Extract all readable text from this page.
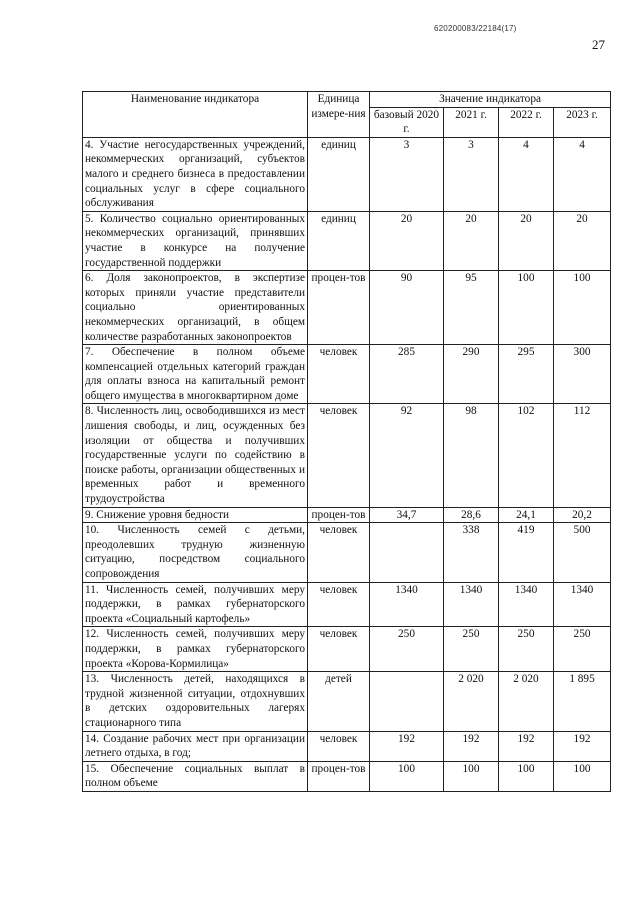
620200083/22184(17)
27
Наименование индикатора	Единица измере-ния	Значение индикатора			
		базовый 2020 г.	2021 г.	2022 г.	2023 г.
4. Участие негосударственных учреждений, некоммерческих организаций, субъектов малого и среднего бизнеса в предоставлении социальных услуг в сфере социального обслуживания	единиц	3	3	4	4
5. Количество социально ориентированных некоммерческих организаций, принявших участие в конкурсе на получение государственной поддержки	единиц	20	20	20	20
6. Доля законопроектов, в экспертизе которых приняли участие представители социально ориентированных некоммерческих организаций, в общем количестве разработанных законопроектов	процен-тов	90	95	100	100
7. Обеспечение в полном объеме компенсацией отдельных категорий граждан для оплаты взноса на капитальный ремонт общего имущества в многоквартирном доме	человек	285	290	295	300
8. Численность лиц, освободившихся из мест лишения свободы, и лиц, осужденных без изоляции от общества и получивших государственные услуги по содействию в поиске работы, организации общественных и временных работ и временного трудоустройства	человек	92	98	102	112
9. Снижение уровня бедности	процен-тов	34,7	28,6	24,1	20,2
10. Численность семей с детьми, преодолевших трудную жизненную ситуацию, посредством социального сопровождения	человек		338	419	500
11. Численность семей, получивших меру поддержки, в рамках губернаторского проекта «Социальный картофель»	человек	1340	1340	1340	1340
12. Численность семей, получивших меру поддержки, в рамках губернаторского проекта «Корова-Кормилица»	человек	250	250	250	250
13. Численность детей, находящихся в трудной жизненной ситуации, отдохнувших в детских оздоровительных лагерях стационарного типа	детей		2 020	2 020	1 895
14. Создание рабочих мест при организации летнего отдыха, в год;	человек	192	192	192	192
15. Обеспечение социальных выплат в полном объеме	процен-тов	100	100	100	100
